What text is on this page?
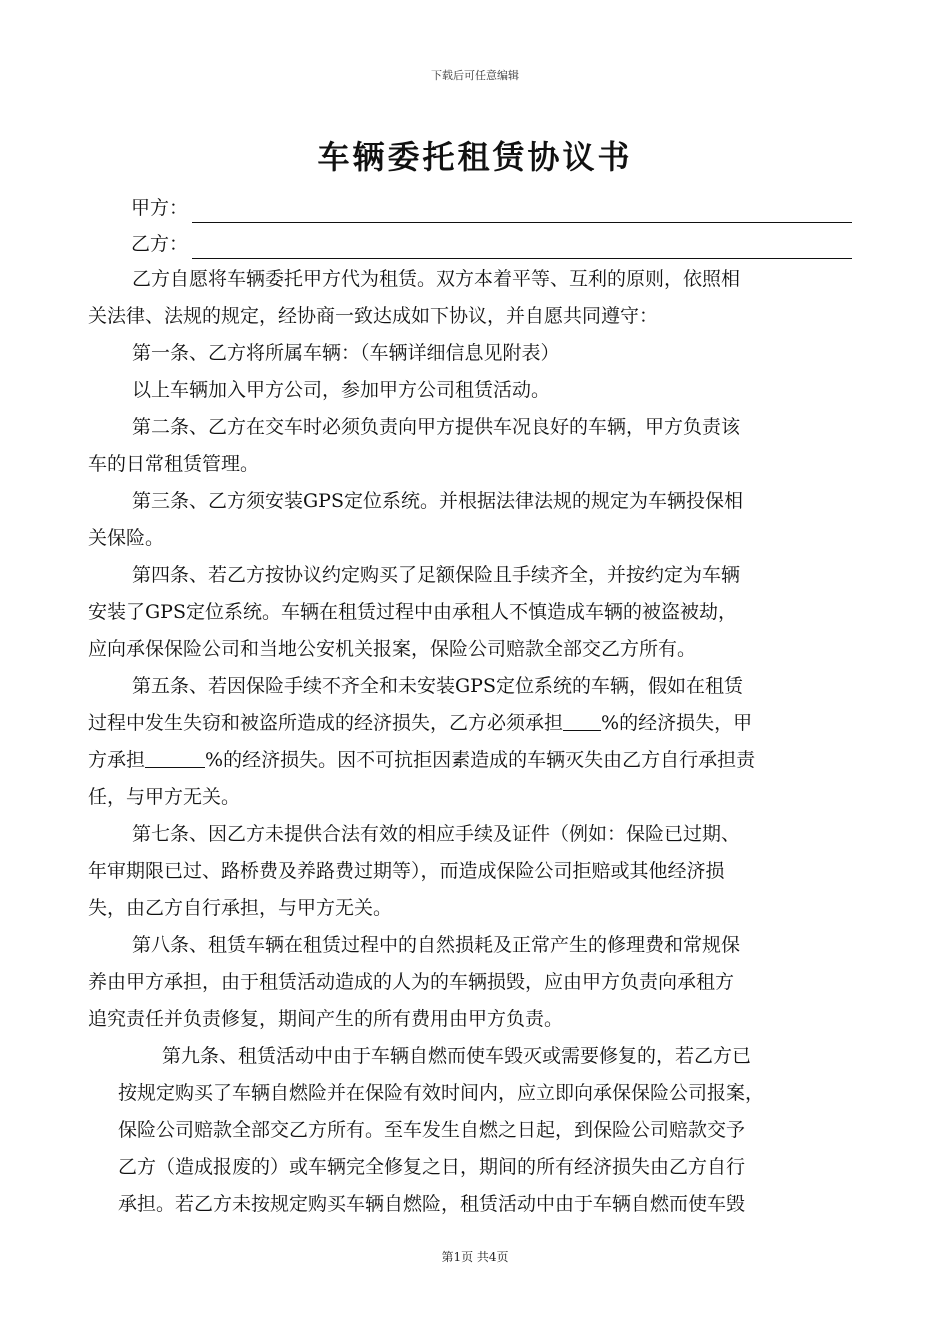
下载后可任意编辑
车辆委托租赁协议书
甲方：
乙方：

乙方自愿将车辆委托甲方代为租赁。双方本着平等、互利的原则，依照相
关法律、法规的规定，经协商一致达成如下协议，并自愿共同遵守：

第一条、乙方将所属车辆：（车辆详细信息见附表）

以上车辆加入甲方公司，参加甲方公司租赁活动。

第二条、乙方在交车时必须负责向甲方提供车况良好的车辆，甲方负责该
车的日常租赁管理。

第三条、乙方须安装GPS定位系统。并根据法律法规的规定为车辆投保相
关保险。

第四条、若乙方按协议约定购买了足额保险且手续齐全，并按约定为车辆
安装了GPS定位系统。车辆在租赁过程中由承租人不慎造成车辆的被盗被劫，
应向承保保险公司和当地公安机关报案，保险公司赔款全部交乙方所有。

第五条、若因保险手续不齐全和未安装GPS定位系统的车辆，假如在租赁
过程中发生失窃和被盗所造成的经济损失，乙方必须承担 %的经济损失，甲
方承担	%的经济损失。因不可抗拒因素造成的车辆灭失由乙方自行承担责
任，与甲方无关。

第七条、因乙方未提供合法有效的相应手续及证件（例如：保险已过期、
年审期限已过、路桥费及养路费过期等），而造成保险公司拒赔或其他经济损
失，由乙方自行承担，与甲方无关。

第八条、租赁车辆在租赁过程中的自然损耗及正常产生的修理费和常规保
养由甲方承担，由于租赁活动造成的人为的车辆损毁，应由甲方负责向承租方
追究责任并负责修复，期间产生的所有费用由甲方负责。

第九条、租赁活动中由于车辆自燃而使车毁灭或需要修复的，若乙方已
按规定购买了车辆自燃险并在保险有效时间内，应立即向承保保险公司报案，
保险公司赔款全部交乙方所有。至车发生自燃之日起，到保险公司赔款交予
乙方（造成报废的）或车辆完全修复之日，期间的所有经济损失由乙方自行
承担。若乙方未按规定购买车辆自燃险，租赁活动中由于车辆自燃而使车毁

第1页 共4页
